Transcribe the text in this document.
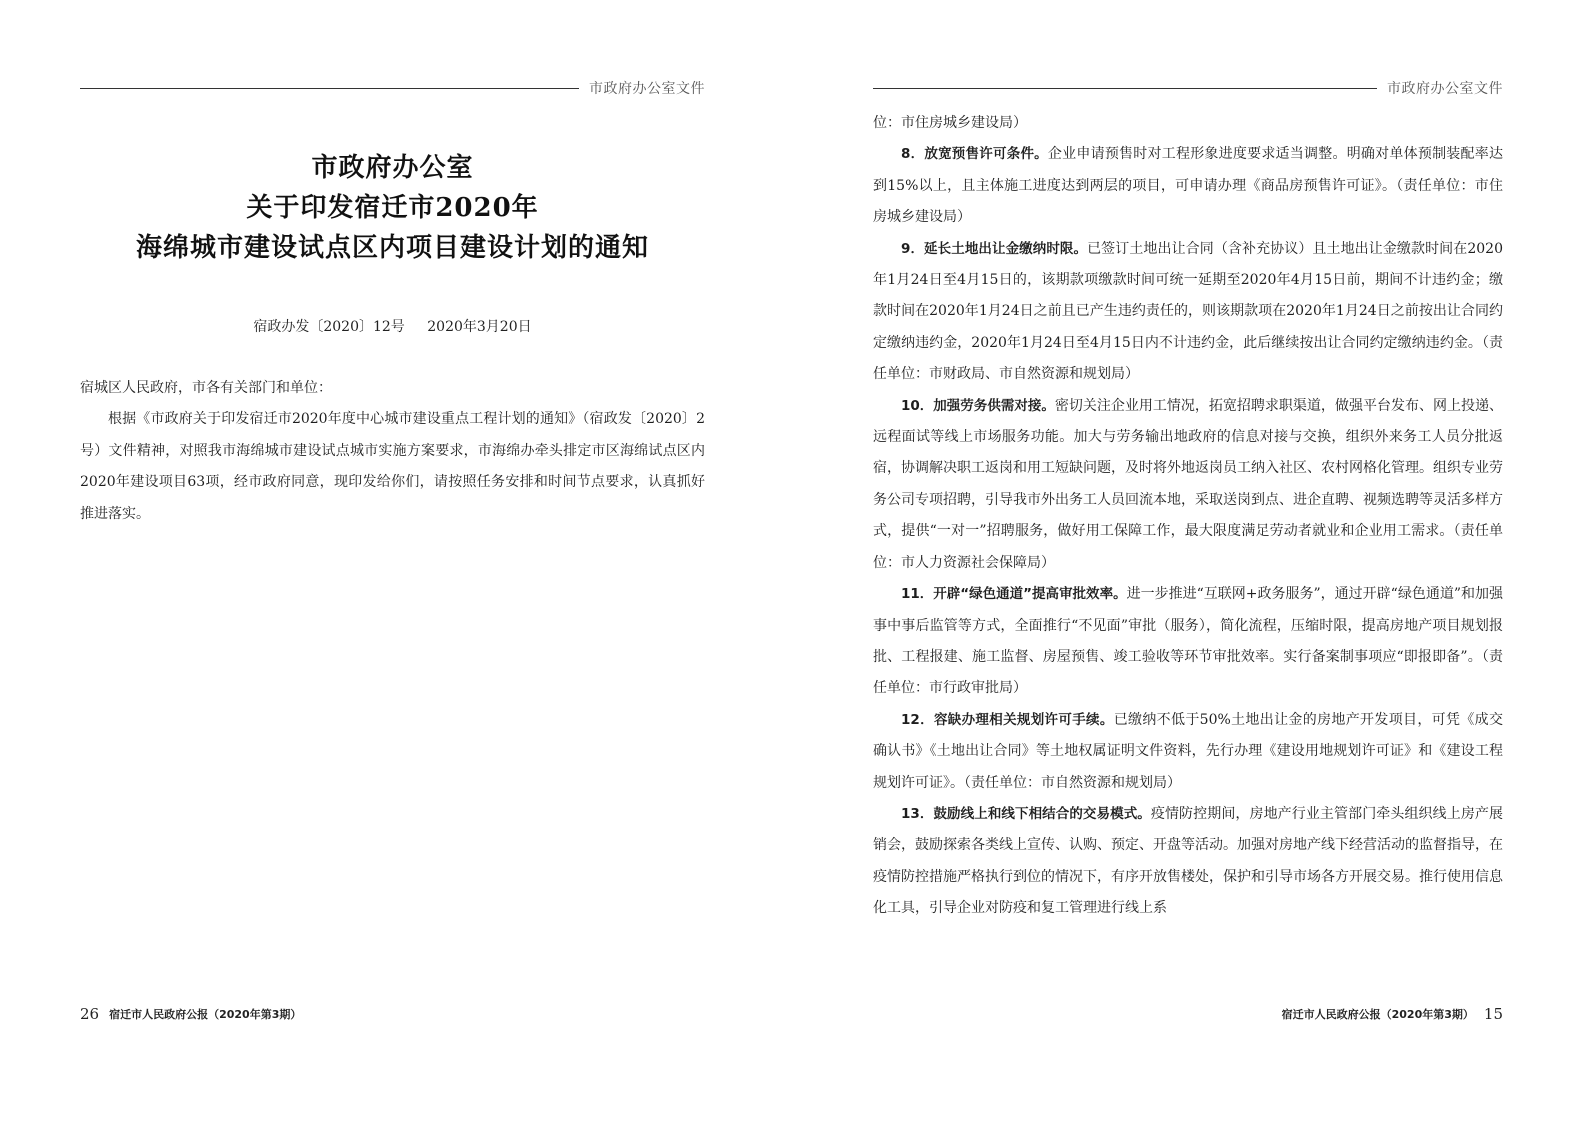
市政府办公室文件
市政府办公室
关于印发宿迁市2020年
海绵城市建设试点区内项目建设计划的通知
宿政办发〔2020〕12号 2020年3月20日

宿城区人民政府，市各有关部门和单位：

根据《市政府关于印发宿迁市2020年度中心城市建设重点工程计划的通知》（宿政发〔2020〕2号）文件精神，对照我市海绵城市建设试点城市实施方案要求，市海绵办牵头排定市区海绵试点区内2020年建设项目63项，经市政府同意，现印发给你们，请按照任务安排和时间节点要求，认真抓好推进落实。

26 宿迁市人民政府公报（2020年第3期）
市政府办公室文件

位：市住房城乡建设局）

8．放宽预售许可条件。企业申请预售时对工程形象进度要求适当调整。明确对单体预制装配率达到15%以上，且主体施工进度达到两层的项目，可申请办理《商品房预售许可证》。（责任单位：市住房城乡建设局）

9．延长土地出让金缴纳时限。已签订土地出让合同（含补充协议）且土地出让金缴款时间在2020年1月24日至4月15日的，该期款项缴款时间可统一延期至2020年4月15日前，期间不计违约金；缴款时间在2020年1月24日之前且已产生违约责任的，则该期款项在2020年1月24日之前按出让合同约定缴纳违约金，2020年1月24日至4月15日内不计违约金，此后继续按出让合同约定缴纳违约金。（责任单位：市财政局、市自然资源和规划局）

10．加强劳务供需对接。密切关注企业用工情况，拓宽招聘求职渠道，做强平台发布、网上投递、远程面试等线上市场服务功能。加大与劳务输出地政府的信息对接与交换，组织外来务工人员分批返宿，协调解决职工返岗和用工短缺问题，及时将外地返岗员工纳入社区、农村网格化管理。组织专业劳务公司专项招聘，引导我市外出务工人员回流本地，采取送岗到点、进企直聘、视频选聘等灵活多样方式，提供“一对一”招聘服务，做好用工保障工作，最大限度满足劳动者就业和企业用工需求。（责任单位：市人力资源社会保障局）

11．开辟“绿色通道”提高审批效率。进一步推进“互联网+政务服务”，通过开辟“绿色通道”和加强事中事后监管等方式，全面推行“不见面”审批（服务），简化流程，压缩时限，提高房地产项目规划报批、工程报建、施工监督、房屋预售、竣工验收等环节审批效率。实行备案制事项应“即报即备”。（责任单位：市行政审批局）

12．容缺办理相关规划许可手续。已缴纳不低于50%土地出让金的房地产开发项目，可凭《成交确认书》《土地出让合同》等土地权属证明文件资料，先行办理《建设用地规划许可证》和《建设工程规划许可证》。（责任单位：市自然资源和规划局）

13．鼓励线上和线下相结合的交易模式。疫情防控期间，房地产行业主管部门牵头组织线上房产展销会，鼓励探索各类线上宣传、认购、预定、开盘等活动。加强对房地产线下经营活动的监督指导，在疫情防控措施严格执行到位的情况下，有序开放售楼处，保护和引导市场各方开展交易。推行使用信息化工具，引导企业对防疫和复工管理进行线上系

宿迁市人民政府公报（2020年第3期） 15
